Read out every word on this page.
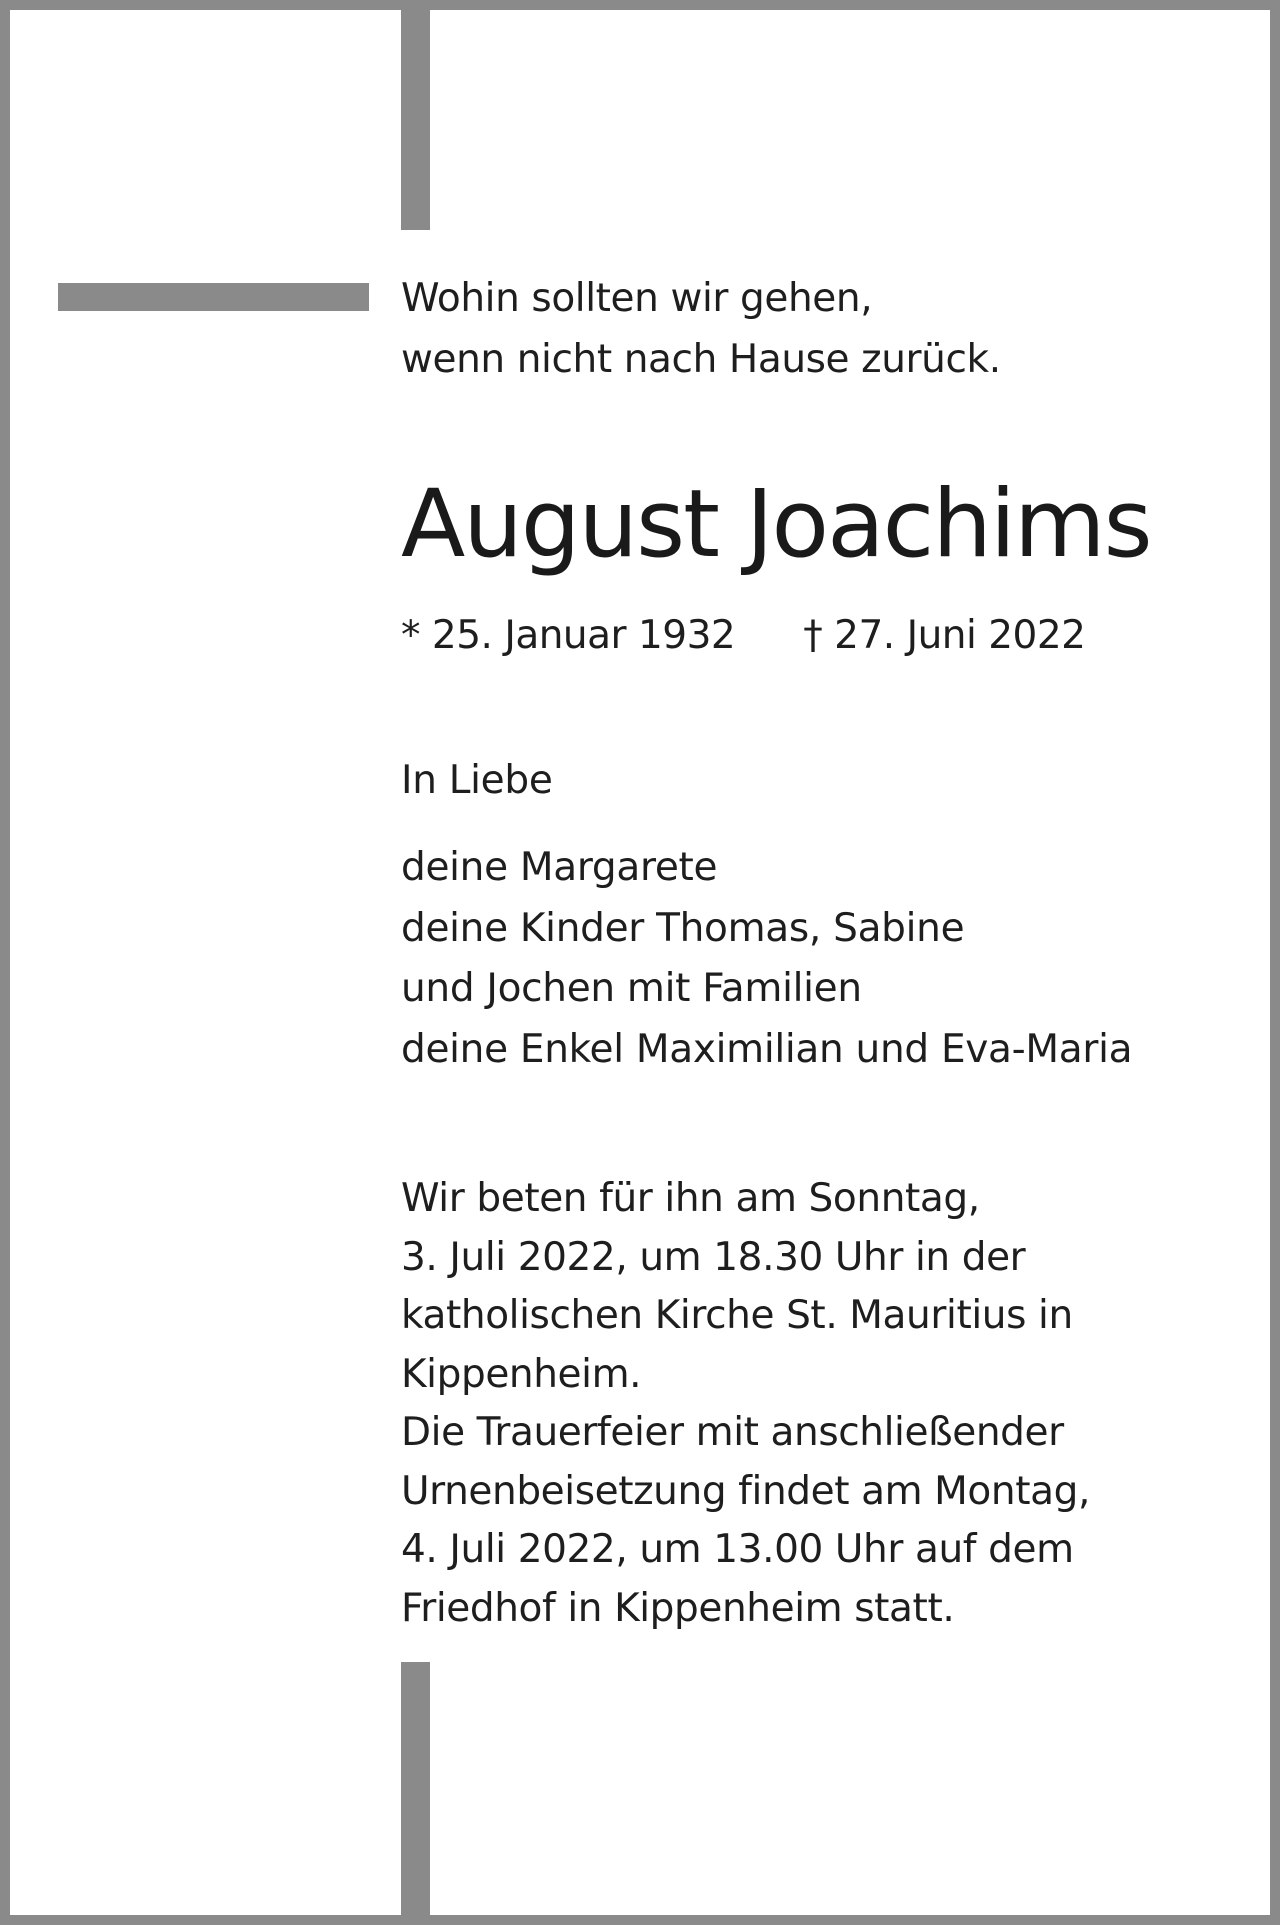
Wohin sollten wir gehen,
wenn nicht nach Hause zurück.
August Joachims
* 25. Januar 1932 † 27. Juni 2022
In Liebe
deine Margarete
deine Kinder Thomas, Sabine
und Jochen mit Familien
deine Enkel Maximilian und Eva-Maria
Wir beten für ihn am Sonntag,
3. Juli 2022, um 18.30 Uhr in der
katholischen Kirche St. Mauritius in
Kippenheim.
Die Trauerfeier mit anschließender
Urnenbeisetzung findet am Montag,
4. Juli 2022, um 13.00 Uhr auf dem
Friedhof in Kippenheim statt.
